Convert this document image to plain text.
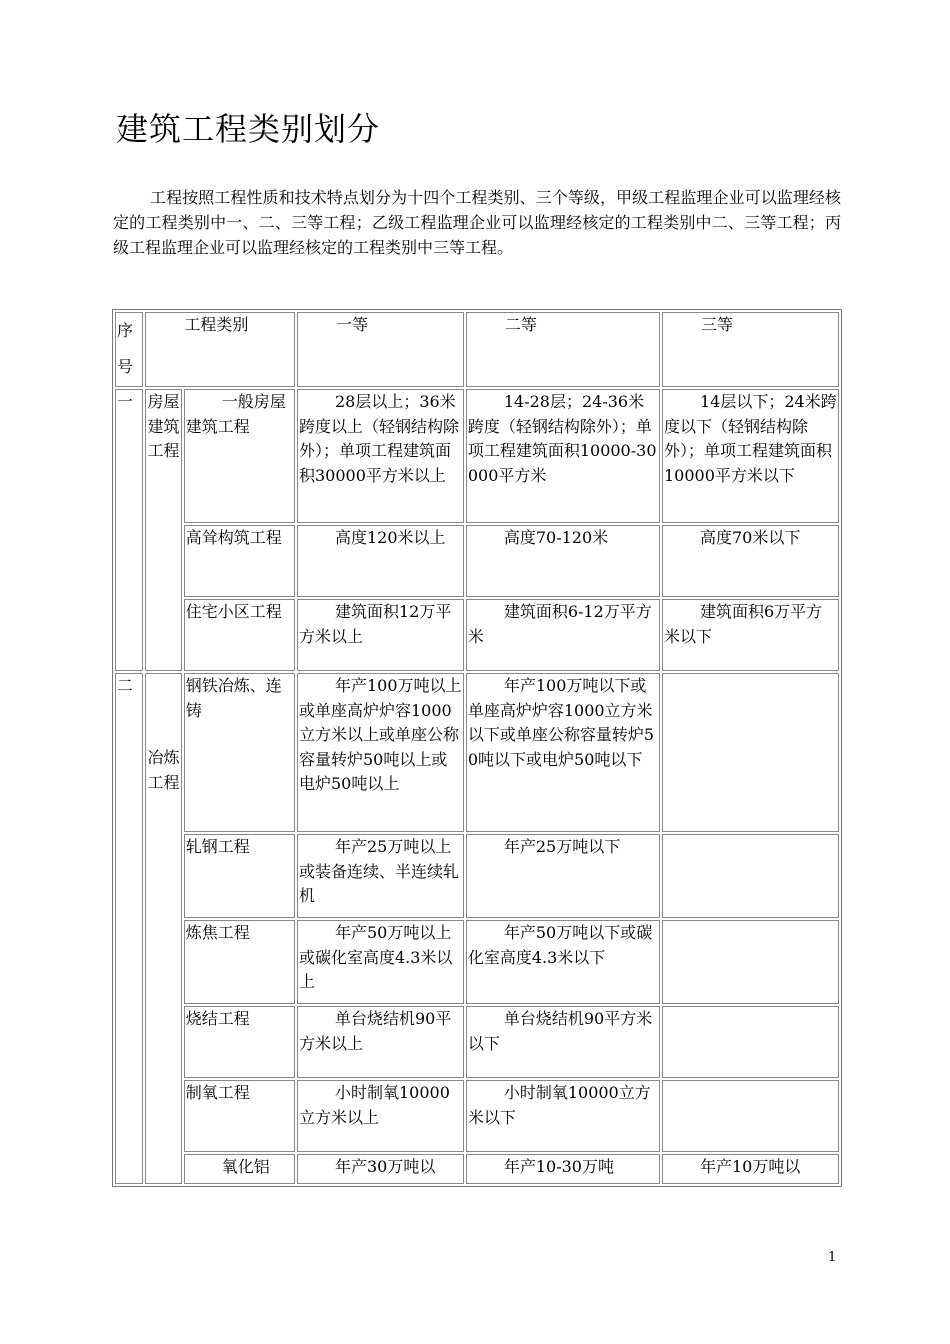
建筑工程类别划分

工程按照工程性质和技术特点划分为十四个工程类别、三个等级，甲级工程监理企业可以监理经核定的工程类别中一、二、三等工程；乙级工程监理企业可以监理经核定的工程类别中二、三等工程；丙级工程监理企业可以监理经核定的工程类别中三等工程。

序号	工程类别		一等	二等	三等
一	房屋建筑工程	一般房屋建筑工程	28层以上；36米跨度以上（轻钢结构除外）；单项工程建筑面积30000平方米以上	14-28层；24-36米跨度（轻钢结构除外）；单项工程建筑面积10000-30000平方米	14层以下；24米跨度以下（轻钢结构除外）；单项工程建筑面积10000平方米以下
		高耸构筑工程	高度120米以上	高度70-120米	高度70米以下
		住宅小区工程	建筑面积12万平方米以上	建筑面积6-12万平方米	建筑面积6万平方米以下
二	冶炼工程	钢铁冶炼、连铸	年产100万吨以上或单座高炉炉容1000立方米以上或单座公称容量转炉50吨以上或电炉50吨以上	年产100万吨以下或单座高炉炉容1000立方米以下或单座公称容量转炉50吨以下或电炉50吨以下	
		轧钢工程	年产25万吨以上或装备连续、半连续轧机	年产25万吨以下	
		炼焦工程	年产50万吨以上或碳化室高度4.3米以上	年产50万吨以下或碳化室高度4.3米以下	
		烧结工程	单台烧结机90平方米以上	单台烧结机90平方米以下	
		制氧工程	小时制氧10000立方米以上	小时制氧10000立方米以下	
		氧化铝	年产30万吨以	年产10-30万吨	年产10万吨以
1
